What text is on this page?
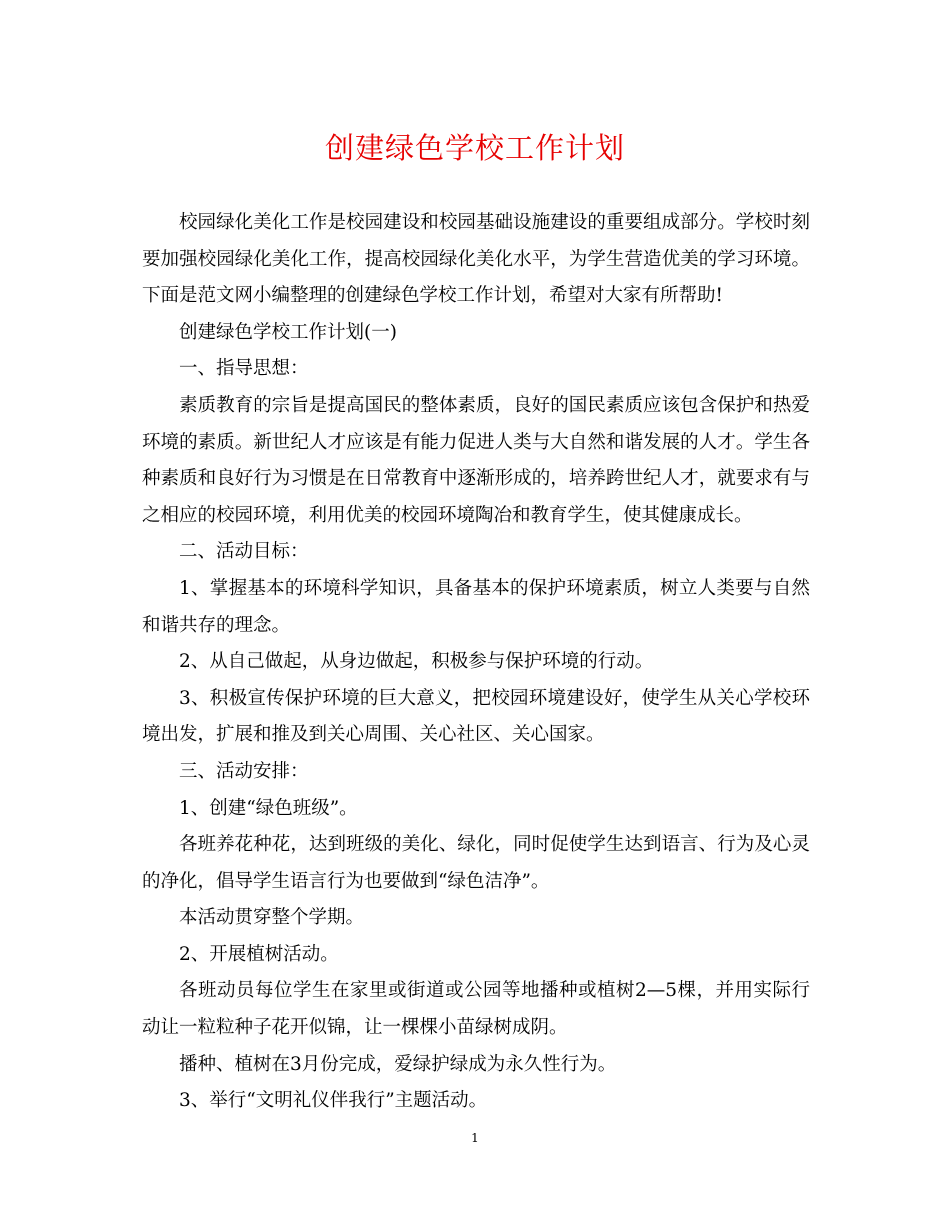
创建绿色学校工作计划

校园绿化美化工作是校园建设和校园基础设施建设的重要组成部分。学校时刻要加强校园绿化美化工作，提高校园绿化美化水平，为学生营造优美的学习环境。下面是范文网小编整理的创建绿色学校工作计划，希望对大家有所帮助!

创建绿色学校工作计划(一)

一、指导思想：

素质教育的宗旨是提高国民的整体素质，良好的国民素质应该包含保护和热爱环境的素质。新世纪人才应该是有能力促进人类与大自然和谐发展的人才。学生各种素质和良好行为习惯是在日常教育中逐渐形成的，培养跨世纪人才，就要求有与之相应的校园环境，利用优美的校园环境陶冶和教育学生，使其健康成长。

二、活动目标：

1、掌握基本的环境科学知识，具备基本的保护环境素质，树立人类要与自然和谐共存的理念。

2、从自己做起，从身边做起，积极参与保护环境的行动。

3、积极宣传保护环境的巨大意义，把校园环境建设好，使学生从关心学校环境出发，扩展和推及到关心周围、关心社区、关心国家。

三、活动安排：

1、创建“绿色班级”。

各班养花种花，达到班级的美化、绿化，同时促使学生达到语言、行为及心灵的净化，倡导学生语言行为也要做到“绿色洁净”。

本活动贯穿整个学期。

2、开展植树活动。

各班动员每位学生在家里或街道或公园等地播种或植树2—5棵，并用实际行动让一粒粒种子花开似锦，让一棵棵小苗绿树成阴。

播种、植树在3月份完成，爱绿护绿成为永久性行为。

3、举行“文明礼仪伴我行”主题活动。

1
